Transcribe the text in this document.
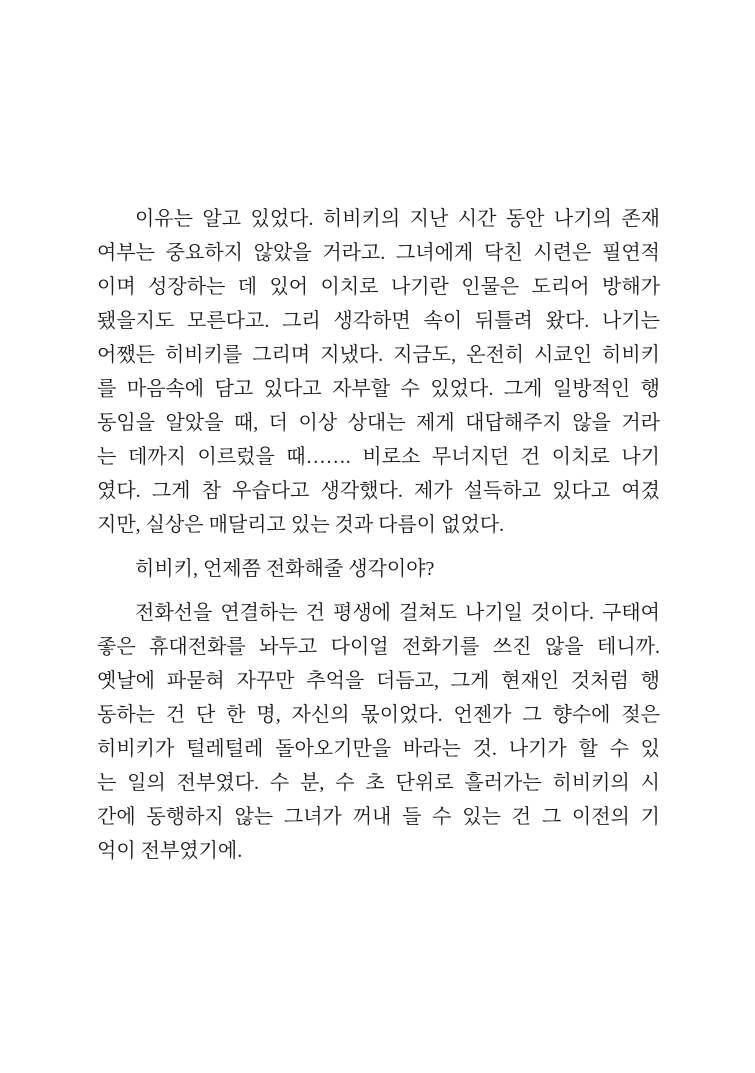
이유는 알고 있었다. 히비키의 지난 시간 동안 나기의 존재
여부는 중요하지 않았을 거라고. 그녀에게 닥친 시련은 필연적
이며 성장하는 데 있어 이치로 나기란 인물은 도리어 방해가
됐을지도 모른다고. 그리 생각하면 속이 뒤틀려 왔다. 나기는
어쨌든 히비키를 그리며 지냈다. 지금도, 온전히 시쿄인 히비키
를 마음속에 담고 있다고 자부할 수 있었다. 그게 일방적인 행
동임을 알았을 때, 더 이상 상대는 제게 대답해주지 않을 거라
는 데까지 이르렀을 때……. 비로소 무너지던 건 이치로 나기
였다. 그게 참 우습다고 생각했다. 제가 설득하고 있다고 여겼
지만, 실상은 매달리고 있는 것과 다름이 없었다.
히비키, 언제쯤 전화해줄 생각이야?
전화선을 연결하는 건 평생에 걸쳐도 나기일 것이다. 구태여
좋은 휴대전화를 놔두고 다이얼 전화기를 쓰진 않을 테니까.
옛날에 파묻혀 자꾸만 추억을 더듬고, 그게 현재인 것처럼 행
동하는 건 단 한 명, 자신의 몫이었다. 언젠가 그 향수에 젖은
히비키가 털레털레 돌아오기만을 바라는 것. 나기가 할 수 있
는 일의 전부였다. 수 분, 수 초 단위로 흘러가는 히비키의 시
간에 동행하지 않는 그녀가 꺼내 들 수 있는 건 그 이전의 기
억이 전부였기에.
